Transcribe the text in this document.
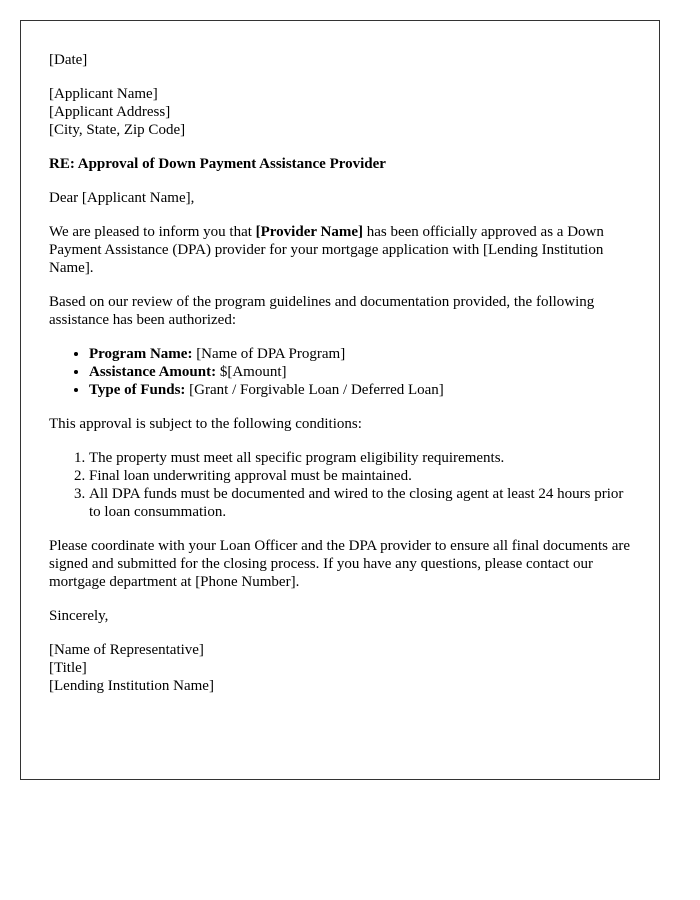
[Date]

[Applicant Name]
[Applicant Address]
[City, State, Zip Code]

RE: Approval of Down Payment Assistance Provider

Dear [Applicant Name],

We are pleased to inform you that [Provider Name] has been officially approved as a Down Payment Assistance (DPA) provider for your mortgage application with [Lending Institution Name].

Based on our review of the program guidelines and documentation provided, the following assistance has been authorized:

• Program Name: [Name of DPA Program]
• Assistance Amount: $[Amount]
• Type of Funds: [Grant / Forgivable Loan / Deferred Loan]

This approval is subject to the following conditions:

1. The property must meet all specific program eligibility requirements.
2. Final loan underwriting approval must be maintained.
3. All DPA funds must be documented and wired to the closing agent at least 24 hours prior to loan consummation.

Please coordinate with your Loan Officer and the DPA provider to ensure all final documents are signed and submitted for the closing process. If you have any questions, please contact our mortgage department at [Phone Number].

Sincerely,

[Name of Representative]
[Title]
[Lending Institution Name]
